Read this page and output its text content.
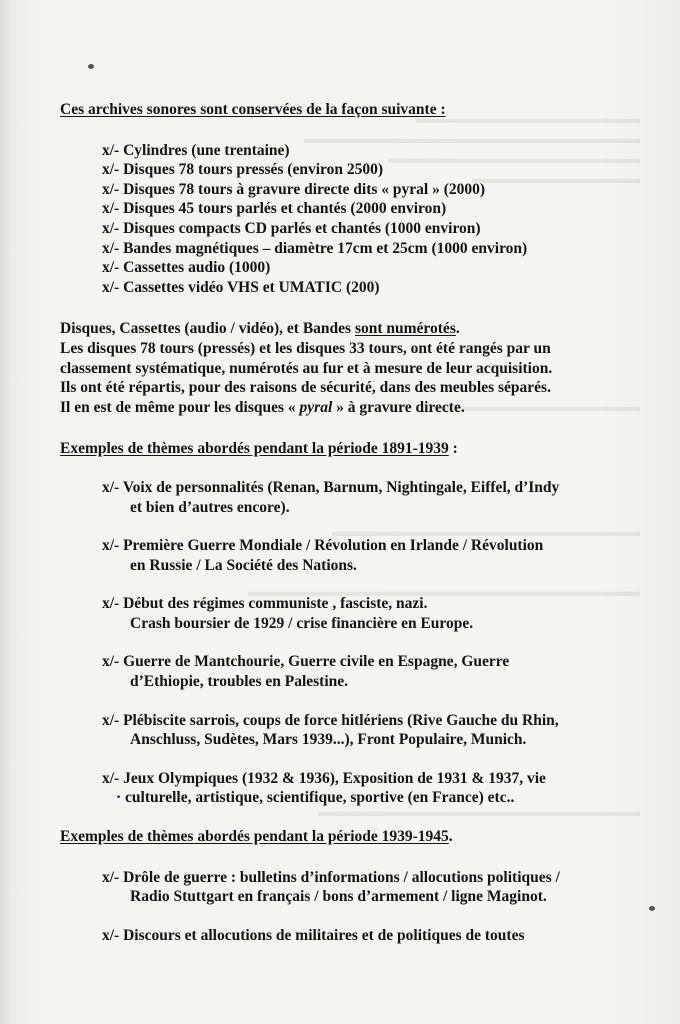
▬▬▬▬▬▬▬▬▬▬▬▬▬▬▬▬
▬▬▬▬▬▬▬▬▬▬▬▬▬▬▬▬▬▬▬▬▬▬▬▬
▬▬▬▬▬▬▬▬▬▬▬▬▬▬▬▬▬▬
▬▬▬▬▬▬▬▬▬▬▬▬
▬▬▬▬▬▬▬▬▬▬▬▬▬▬▬
▬▬▬▬▬▬▬▬▬▬▬▬▬▬▬▬▬▬▬▬▬▬
▬▬▬▬▬▬▬▬▬▬▬▬▬▬▬▬▬▬▬▬▬▬▬▬▬▬▬▬
▬▬▬▬▬▬▬▬▬▬▬▬▬▬▬▬▬▬▬▬▬▬▬

Ces archives sonores sont conservées de la façon suivante :

x/- Cylindres (une trentaine)
x/- Disques 78 tours pressés (environ 2500)
x/- Disques 78 tours à gravure directe dits « pyral » (2000)
x/- Disques 45 tours parlés et chantés (2000 environ)
x/- Disques compacts CD parlés et chantés (1000 environ)
x/- Bandes magnétiques – diamètre 17cm et 25cm (1000 environ)
x/- Cassettes audio (1000)
x/- Cassettes vidéo VHS et UMATIC (200)

Disques, Cassettes (audio / vidéo), et Bandes sont numérotés.

Les disques 78 tours (pressés) et les disques 33 tours, ont été rangés par un

classement systématique, numérotés au fur et à mesure de leur acquisition.

Ils ont été répartis, pour des raisons de sécurité, dans des meubles séparés.

Il en est de même pour les disques « pyral » à gravure directe.

Exemples de thèmes abordés pendant la période 1891-1939 :

x/- Voix de personnalités (Renan, Barnum, Nightingale, Eiffel, d’Indy
et bien d’autres encore).
x/- Première Guerre Mondiale / Révolution en Irlande / Révolution
en Russie / La Société des Nations.
x/- Début des régimes communiste , fasciste, nazi.
Crash boursier de 1929 / crise financière en Europe.
x/- Guerre de Mantchourie, Guerre civile en Espagne, Guerre
d’Ethiopie, troubles en Palestine.
x/- Plébiscite sarrois, coups de force hitlériens (Rive Gauche du Rhin,
Anschluss, Sudètes, Mars 1939...), Front Populaire, Munich.
x/- Jeux Olympiques (1932 & 1936), Exposition de 1931 & 1937, vie
· culturelle, artistique, scientifique, sportive (en France) etc..

Exemples de thèmes abordés pendant la période 1939-1945.

x/- Drôle de guerre : bulletins d’informations / allocutions politiques /
Radio Stuttgart en français / bons d’armement / ligne Maginot.
x/- Discours et allocutions de militaires et de politiques de toutes
